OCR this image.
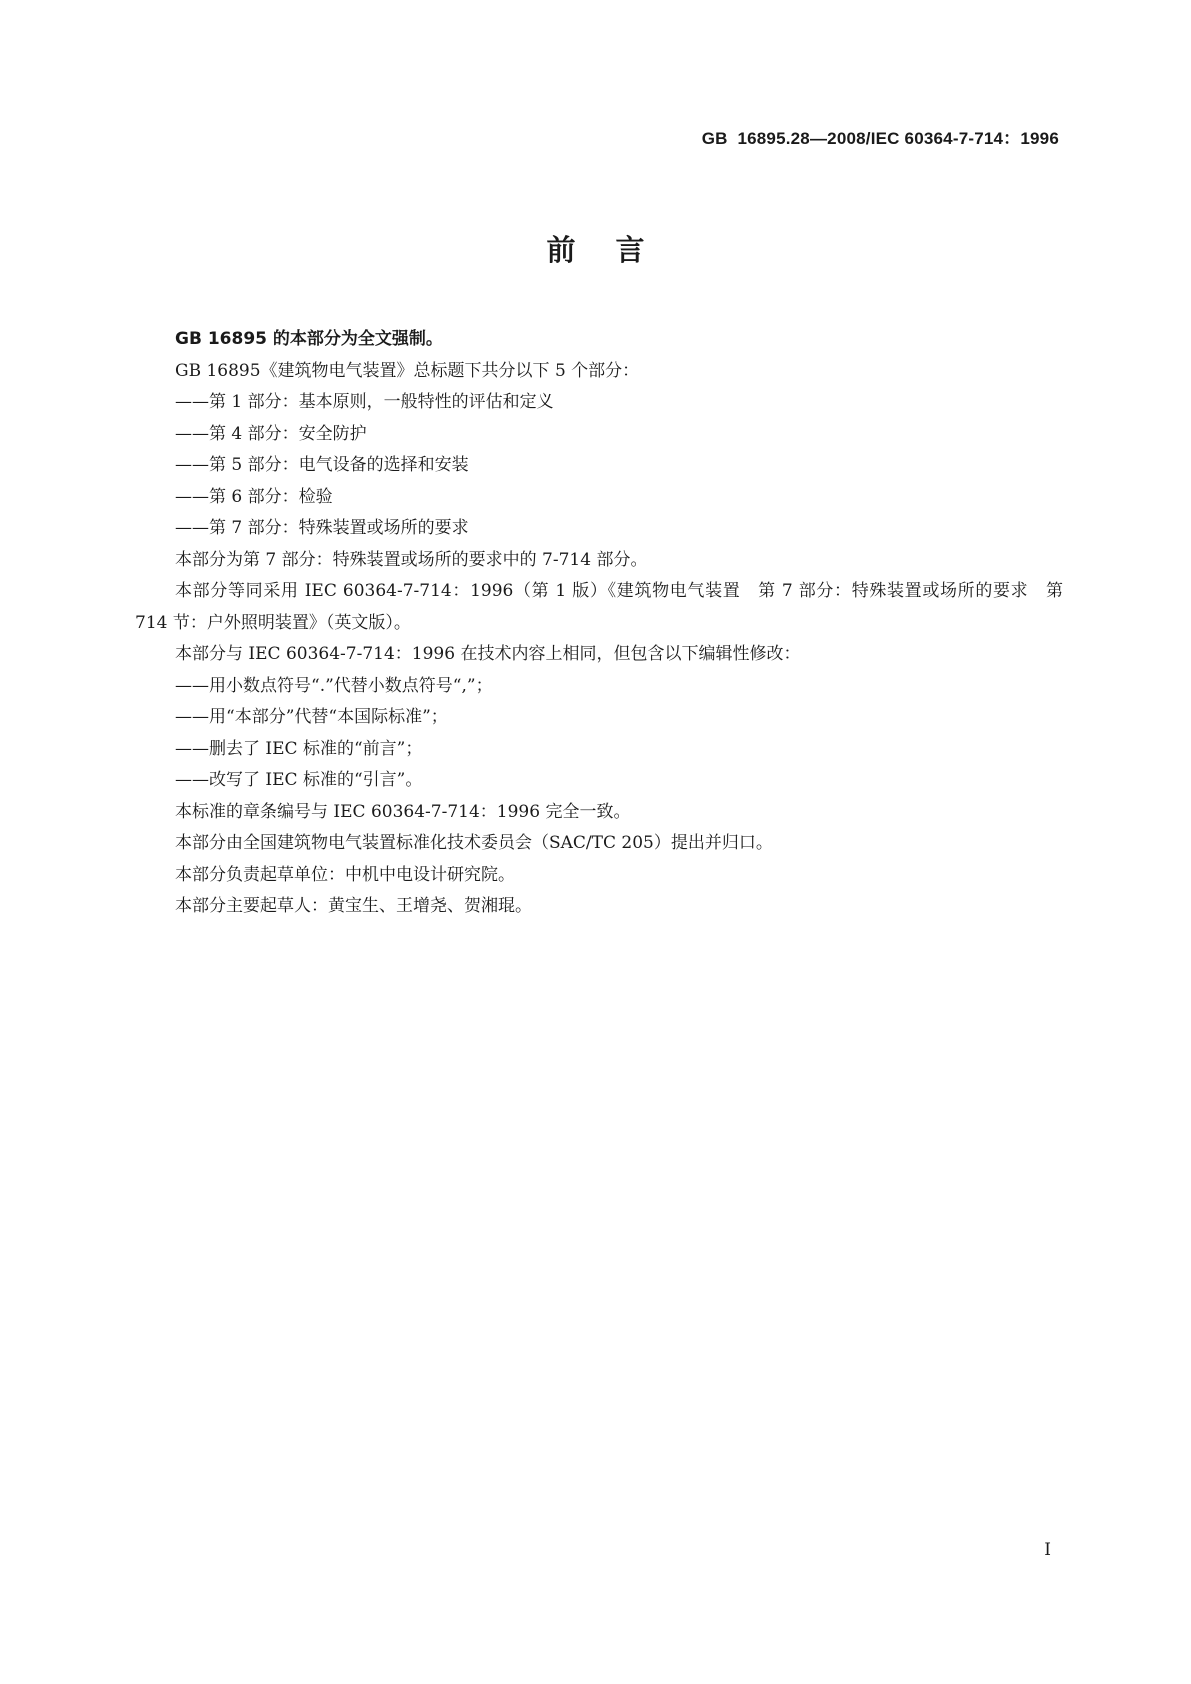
GB 16895.28—2008/IEC 60364-7-714：1996
前言

GB 16895 的本部分为全文强制。

GB 16895《建筑物电气装置》总标题下共分以下 5 个部分：

——第 1 部分：基本原则，一般特性的评估和定义

——第 4 部分：安全防护

——第 5 部分：电气设备的选择和安装

——第 6 部分：检验

——第 7 部分：特殊装置或场所的要求

本部分为第 7 部分：特殊装置或场所的要求中的 7-714 部分。

本部分等同采用 IEC 60364-7-714：1996（第 1 版）《建筑物电气装置　第 7 部分：特殊装置或场所的要求　第 714 节：户外照明装置》（英文版）。

本部分与 IEC 60364-7-714：1996 在技术内容上相同，但包含以下编辑性修改：

——用小数点符号“.”代替小数点符号“,”；

——用“本部分”代替“本国际标准”；

——删去了 IEC 标准的“前言”；

——改写了 IEC 标准的“引言”。

本标准的章条编号与 IEC 60364-7-714：1996 完全一致。

本部分由全国建筑物电气装置标准化技术委员会（SAC/TC 205）提出并归口。

本部分负责起草单位：中机中电设计研究院。

本部分主要起草人：黄宝生、王增尧、贺湘琨。

I
